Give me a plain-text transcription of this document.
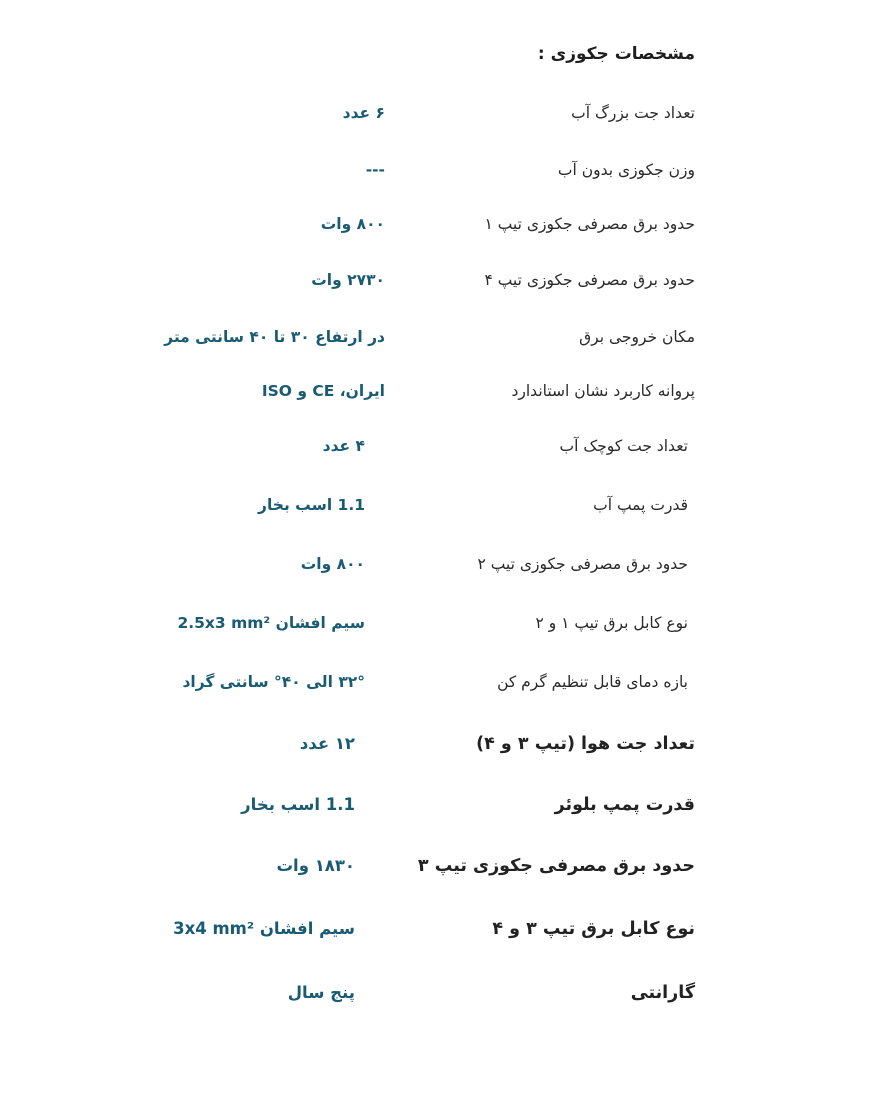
مشخصات جکوزی :
تعداد جت بزرگ آب
۶ عدد
وزن جکوزی بدون آب
---
حدود برق مصرفی جکوزی تیپ ۱
۸۰۰ وات
حدود برق مصرفی جکوزی تیپ ۴
۲۷۳۰ وات
مکان خروجی برق
در ارتفاع ۳۰ تا ۴۰ سانتی متر
پروانه کاربرد نشان استاندارد
ایران، CE و ISO
تعداد جت کوچک آب
۴ عدد
قدرت پمپ آب
1.1 اسب بخار
حدود برق مصرفی جکوزی تیپ ۲
۸۰۰ وات
نوع کابل برق تیپ ۱ و ۲
سیم افشان 2.5x3 mm²
بازه دمای قابل تنظیم گرم کن
۳۲° الی ۴۰° سانتی گراد
تعداد جت هوا (تیپ ۳ و ۴)
۱۲ عدد
قدرت پمپ بلوئر
1.1 اسب بخار
حدود برق مصرفی جکوزی تیپ ۳
۱۸۳۰ وات
نوع کابل برق تیپ ۳ و ۴
سیم افشان 3x4 mm²
گارانتی
پنج سال
